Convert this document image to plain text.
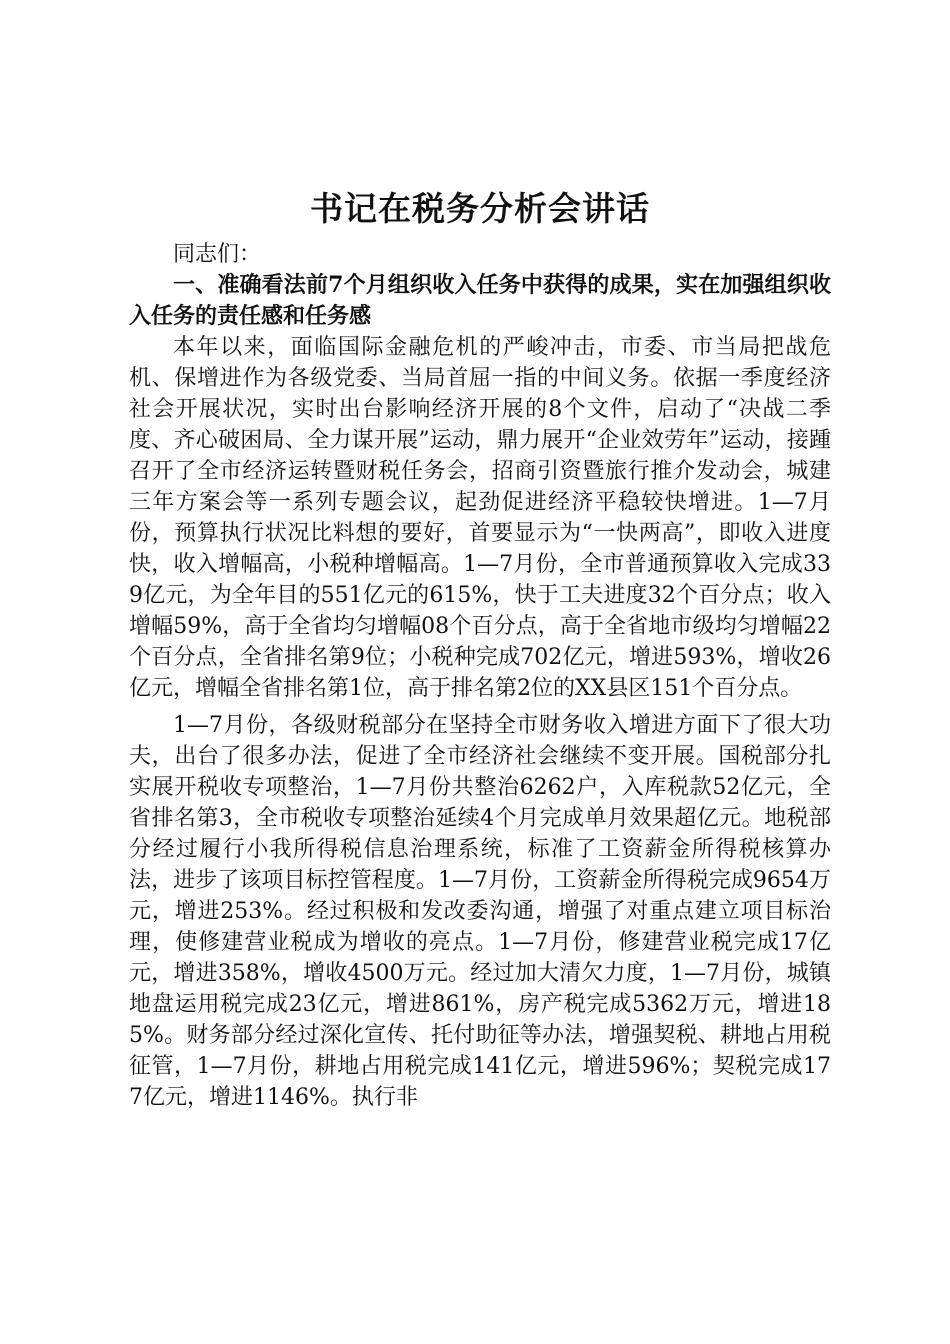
书记在税务分析会讲话

同志们：

一、准确看法前7个月组织收入任务中获得的成果，实在加强组织收入任务的责任感和任务感

本年以来，面临国际金融危机的严峻冲击，市委、市当局把战危机、保增进作为各级党委、当局首屈一指的中间义务。依据一季度经济社会开展状况，实时出台影响经济开展的8个文件，启动了“决战二季度、齐心破困局、全力谋开展”运动，鼎力展开“企业效劳年”运动，接踵召开了全市经济运转暨财税任务会，招商引资暨旅行推介发动会，城建三年方案会等一系列专题会议，起劲促进经济平稳较快增进。1—7月份，预算执行状况比料想的要好，首要显示为“一快两高”，即收入进度快，收入增幅高，小税种增幅高。1—7月份，全市普通预算收入完成339亿元，为全年目的551亿元的615%，快于工夫进度32个百分点；收入增幅59%，高于全省均匀增幅08个百分点，高于全省地市级均匀增幅22个百分点，全省排名第9位；小税种完成702亿元，增进593%，增收26亿元，增幅全省排名第1位，高于排名第2位的XX县区151个百分点。

1—7月份，各级财税部分在坚持全市财务收入增进方面下了很大功夫，出台了很多办法，促进了全市经济社会继续不变开展。国税部分扎实展开税收专项整治，1—7月份共整治6262户，入库税款52亿元，全省排名第3，全市税收专项整治延续4个月完成单月效果超亿元。地税部分经过履行小我所得税信息治理系统，标准了工资薪金所得税核算办法，进步了该项目标控管程度。1—7月份，工资薪金所得税完成9654万元，增进253%。经过积极和发改委沟通，增强了对重点建立项目标治理，使修建营业税成为增收的亮点。1—7月份，修建营业税完成17亿元，增进358%，增收4500万元。经过加大清欠力度，1—7月份，城镇地盘运用税完成23亿元，增进861%，房产税完成5362万元，增进185%。财务部分经过深化宣传、托付助征等办法，增强契税、耕地占用税征管，1—7月份，耕地占用税完成141亿元，增进596%；契税完成177亿元，增进1146%。执行非
